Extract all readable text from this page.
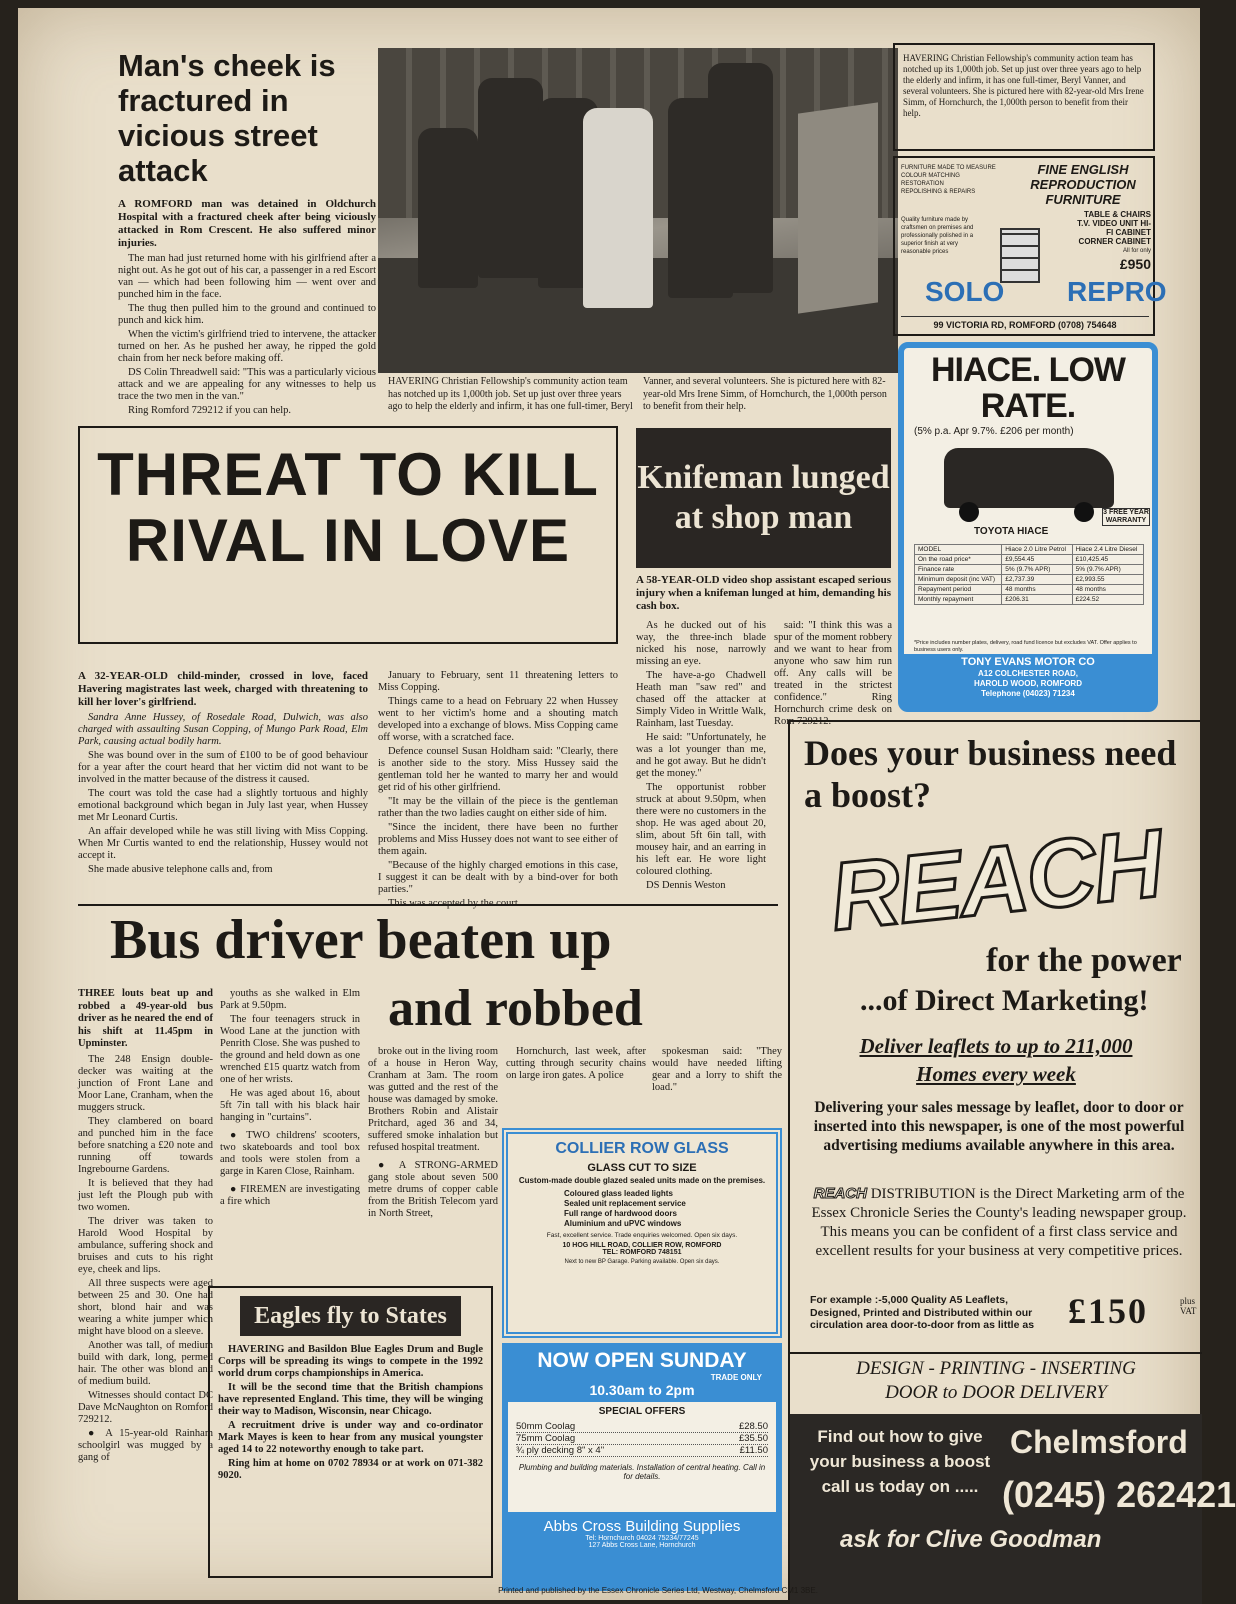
Man's cheek is fractured in vicious street attack
A ROMFORD man was detained in Oldchurch Hospital with a fractured cheek after being viciously attacked in Rom Crescent. He also suffered minor injuries.

The man had just returned home with his girlfriend after a night out. As he got out of his car, a passenger in a red Escort van — which had been following him — went over and punched him in the face.

The thug then pulled him to the ground and continued to punch and kick him.

When the victim's girlfriend tried to intervene, the attacker turned on her. As he pushed her away, he ripped the gold chain from her neck before making off.

DS Colin Threadwell said: "This was a particularly vicious attack and we are appealing for any witnesses to help us trace the two men in the van."

Ring Romford 729212 if you can help.

HAVERING Christian Fellowship's community action team has notched up its 1,000th job. Set up just over three years ago to help the elderly and infirm, it has one full-timer, Beryl Vanner, and several volunteers. She is pictured here with 82-year-old Mrs Irene Simm, of Hornchurch, the 1,000th person to benefit from their help.
HAVERING Christian Fellowship's community action team has notched up its 1,000th job. Set up just over three years ago to help the elderly and infirm, it has one full-timer, Beryl Vanner, and several volunteers. She is pictured here with 82-year-old Mrs Irene Simm, of Hornchurch, the 1,000th person to benefit from their help.
FURNITURE MADE TO MEASURE
COLOUR MATCHING
RESTORATION
REPOLISHING & REPAIRS
FINE ENGLISH REPRODUCTION FURNITURE
Quality furniture made by craftsmen on premises and professionally polished in a superior finish at very reasonable prices
TABLE & CHAIRS T.V. VIDEO UNIT HI-FI CABINET CORNER CABINET
All for only
£950
SOLO REPRO
99 VICTORIA RD, ROMFORD (0708) 754648
HIACE. LOW RATE.
(5% p.a. Apr 9.7%. £206 per month)
TOYOTA HIACE
3 FREE YEAR WARRANTY
MODEL	Hiace 2.0 Litre Petrol	Hiace 2.4 Litre Diesel
On the road price*	£9,554.45	£10,425.45
Finance rate	5% (9.7% APR)	5% (9.7% APR)
Minimum deposit (inc VAT)	£2,737.39	£2,993.55
Repayment period	48 months	48 months
Monthly repayment	£206.31	£224.52
*Price includes number plates, delivery, road fund licence but excludes VAT. Offer applies to business users only.
TONY EVANS MOTOR CO
A12 COLCHESTER ROAD,
HAROLD WOOD, ROMFORD
Telephone (04023) 71234
THREAT TO KILL RIVAL IN LOVE
A 32-YEAR-OLD child-minder, crossed in love, faced Havering magistrates last week, charged with threatening to kill her lover's girlfriend.

Sandra Anne Hussey, of Rosedale Road, Dulwich, was also charged with assaulting Susan Copping, of Mungo Park Road, Elm Park, causing actual bodily harm.

She was bound over in the sum of £100 to be of good behaviour for a year after the court heard that her victim did not want to be involved in the matter because of the distress it caused.

The court was told the case had a slightly tortuous and highly emotional background which began in July last year, when Hussey met Mr Leonard Curtis.

An affair developed while he was still living with Miss Copping. When Mr Curtis wanted to end the relationship, Hussey would not accept it.

She made abusive telephone calls and, from

January to February, sent 11 threatening letters to Miss Copping.

Things came to a head on February 22 when Hussey went to her victim's home and a shouting match developed into a exchange of blows. Miss Copping came off worse, with a scratched face.

Defence counsel Susan Holdham said: "Clearly, there is another side to the story. Miss Hussey said the gentleman told her he wanted to marry her and would get rid of his other girlfriend.

"It may be the villain of the piece is the gentleman rather than the two ladies caught on either side of him.

"Since the incident, there have been no further problems and Miss Hussey does not want to see either of them again.

"Because of the highly charged emotions in this case, I suggest it can be dealt with by a bind-over for both parties."

This was accepted by the court.

Knifeman lunged at shop man
A 58-YEAR-OLD video shop assistant escaped serious injury when a knifeman lunged at him, demanding his cash box.

As he ducked out of his way, the three-inch blade nicked his nose, narrowly missing an eye.

The have-a-go Chadwell Heath man "saw red" and chased off the attacker at Simply Video in Writtle Walk, Rainham, last Tuesday.

He said: "Unfortunately, he was a lot younger than me, and he got away. But he didn't get the money."

The opportunist robber struck at about 9.50pm, when there were no customers in the shop. He was aged about 20, slim, about 5ft 6in tall, with mousey hair, and an earring in his left ear. He wore light coloured clothing.

DS Dennis Weston

said: "I think this was a spur of the moment robbery and we want to hear from anyone who saw him run off. Any calls will be treated in the strictest confidence." Ring Hornchurch crime desk on Rom 729212.

Bus driver beaten up
and robbed
THREE louts beat up and robbed a 49-year-old bus driver as he neared the end of his shift at 11.45pm in Upminster.

The 248 Ensign double-decker was waiting at the junction of Front Lane and Moor Lane, Cranham, when the muggers struck.

They clambered on board and punched him in the face before snatching a £20 note and running off towards Ingrebourne Gardens.

It is believed that they had just left the Plough pub with two women.

The driver was taken to Harold Wood Hospital by ambulance, suffering shock and bruises and cuts to his right eye, cheek and lips.

All three suspects were aged between 25 and 30. One had short, blond hair and was wearing a white jumper which might have blood on a sleeve.

Another was tall, of medium build with dark, long, permed hair. The other was blond and of medium build.

Witnesses should contact DC Dave McNaughton on Romford 729212.

● A 15-year-old Rainham schoolgirl was mugged by a gang of

youths as she walked in Elm Park at 9.50pm.

The four teenagers struck in Wood Lane at the junction with Penrith Close. She was pushed to the ground and held down as one wrenched £15 quartz watch from one of her wrists.

He was aged about 16, about 5ft 7in tall with his black hair hanging in "curtains".

● TWO childrens' scooters, two skateboards and tool box and tools were stolen from a garge in Karen Close, Rainham.

● FIREMEN are investigating a fire which

broke out in the living room of a house in Heron Way, Cranham at 3am. The room was gutted and the rest of the house was damaged by smoke. Brothers Robin and Alistair Pritchard, aged 36 and 34, suffered smoke inhalation but refused hospital treatment.

● A STRONG-ARMED gang stole about seven 500 metre drums of copper cable from the British Telecom yard in North Street,

Hornchurch, last week, after cutting through security chains on large iron gates. A police

spokesman said: "They would have needed lifting gear and a lorry to shift the load."

Eagles fly to States

HAVERING and Basildon Blue Eagles Drum and Bugle Corps will be spreading its wings to compete in the 1992 world drum corps championships in America.

It will be the second time that the British champions have represented England. This time, they will be winging their way to Madison, Wisconsin, near Chicago.

A recruitment drive is under way and co-ordinator Mark Mayes is keen to hear from any musical youngster aged 14 to 22 noteworthy enough to take part.

Ring him at home on 0702 78934 or at work on 071-382 9020.

COLLIER ROW GLASS
GLASS CUT TO SIZE
Custom-made double glazed sealed units made on the premises.
Coloured glass leaded lights
Sealed unit replacement service
Full range of hardwood doors
Aluminium and uPVC windows
Fast, excellent service. Trade enquiries welcomed. Open six days.
10 HOG HILL ROAD, COLLIER ROW, ROMFORD
TEL: ROMFORD 748151
Next to new BP Garage. Parking available. Open six days.
NOW OPEN SUNDAY
TRADE ONLY
10.30am to 2pm
SPECIAL OFFERS
50mm Coolag	£28.50
75mm Coolag	£35.50
¾ ply decking 8" x 4"	£11.50
Plumbing and building materials. Installation of central heating. Call in for details.
Abbs Cross Building Supplies
Tel: Hornchurch 04024 75234/77245
127 Abbs Cross Lane, Hornchurch
Does your business need a boost?
REACH
for the power
...of Direct Marketing!
Deliver leaflets to up to 211,000
Homes every week
Delivering your sales message by leaflet, door to door or inserted into this newspaper, is one of the most powerful advertising mediums available anywhere in this area.
REACH DISTRIBUTION is the Direct Marketing arm of the Essex Chronicle Series the County's leading newspaper group. This means you can be confident of a first class service and excellent results for your business at very competitive prices.
For example :-5,000 Quality A5 Leaflets, Designed, Printed and Distributed within our circulation area door-to-door from as little as £150	plus VAT
DESIGN - PRINTING - INSERTING
DOOR to DOOR DELIVERY
Find out how to give your business a boost call us today on .....
Chelmsford
(0245) 262421
ask for Clive Goodman
Printed and published by the Essex Chronicle Series Ltd, Westway, Chelmsford CM1 3BE.
